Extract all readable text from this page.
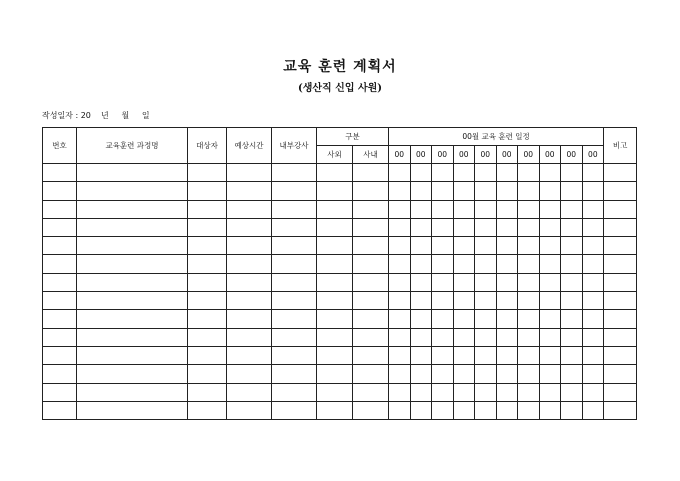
교육 훈련 계획서
(생산직 신입 사원)
작성일자 : 20    년     월     일
번호	교육훈련 과정명	대상자	예상시간	내부강사	구분		00월 교육 훈련 일정										비고
					사외	사내	00	00	00	00	00	00	00	00	00	00	
